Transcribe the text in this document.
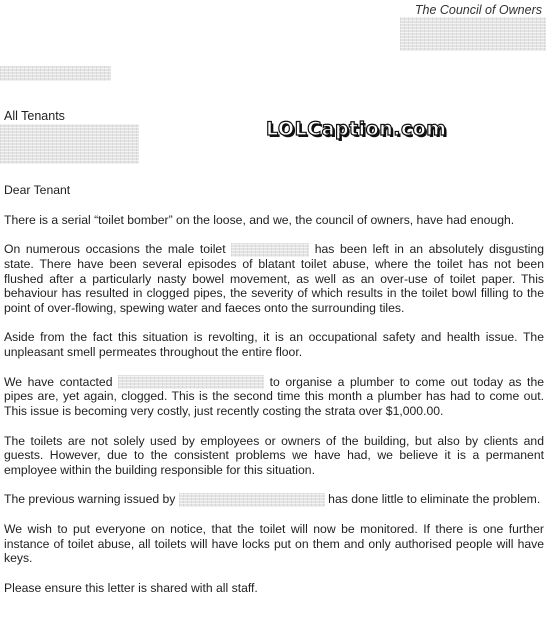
The Council of Owners
All Tenants
LOLCaption.com

Dear Tenant

There is a serial “toilet bomber” on the loose, and we, the council of owners, have had enough.

On numerous occasions the male toilet	has been left in an absolutely disgusting state. There have been several episodes of blatant toilet abuse, where the toilet has not been flushed after a particularly nasty bowel movement, as well as an over-use of toilet paper. This behaviour has resulted in clogged pipes, the severity of which results in the toilet bowl filling to the point of over-flowing, spewing water and faeces onto the surrounding tiles.

Aside from the fact this situation is revolting, it is an occupational safety and health issue. The unpleasant smell permeates throughout the entire floor.

We have contacted	to organise a plumber to come out today as the pipes are, yet again, clogged. This is the second time this month a plumber has had to come out. This issue is becoming very costly, just recently costing the strata over $1,000.00.

The toilets are not solely used by employees or owners of the building, but also by clients and guests. However, due to the consistent problems we have had, we believe it is a permanent employee within the building responsible for this situation.

The previous warning issued by	has done little to eliminate the problem.

We wish to put everyone on notice, that the toilet will now be monitored. If there is one further instance of toilet abuse, all toilets will have locks put on them and only authorised people will have keys.

Please ensure this letter is shared with all staff.
